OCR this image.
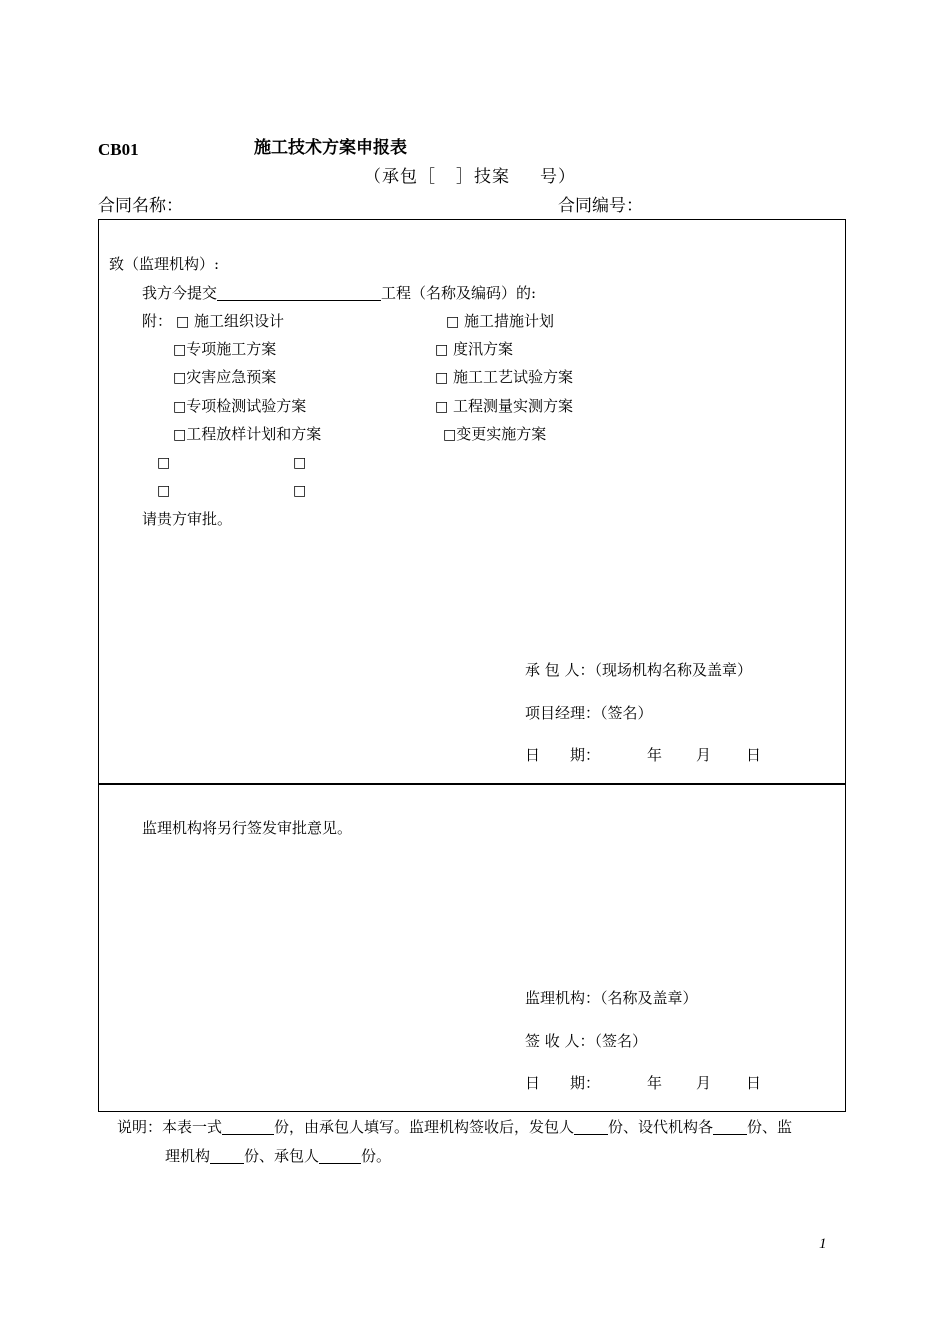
CB01	施工技术方案申报表
（承包［ ］技案 号）
合同名称：	合同编号：
致（监理机构）:
我方今提交	工程（名称及编码）的:
附： □ 施工组织设计	□ 施工措施计划
□专项施工方案	□ 度汛方案
□灾害应急预案	□ 施工工艺试验方案
□专项检测试验方案	□ 工程测量实测方案
□工程放样计划和方案	□变更实施方案
□	□
□	□
请贵方审批。
承 包 人：（现场机构名称及盖章）
项目经理：（签名）
日　　期：	年 月 日
监理机构将另行签发审批意见。
监理机构：（名称及盖章）
签 收 人：（签名）
日　　期：	年 月 日
说明：本表一式	份，由承包人填写。监理机构签收后，发包人 份、设代机构各 份、监
理机构 份、承包人	份。
1
